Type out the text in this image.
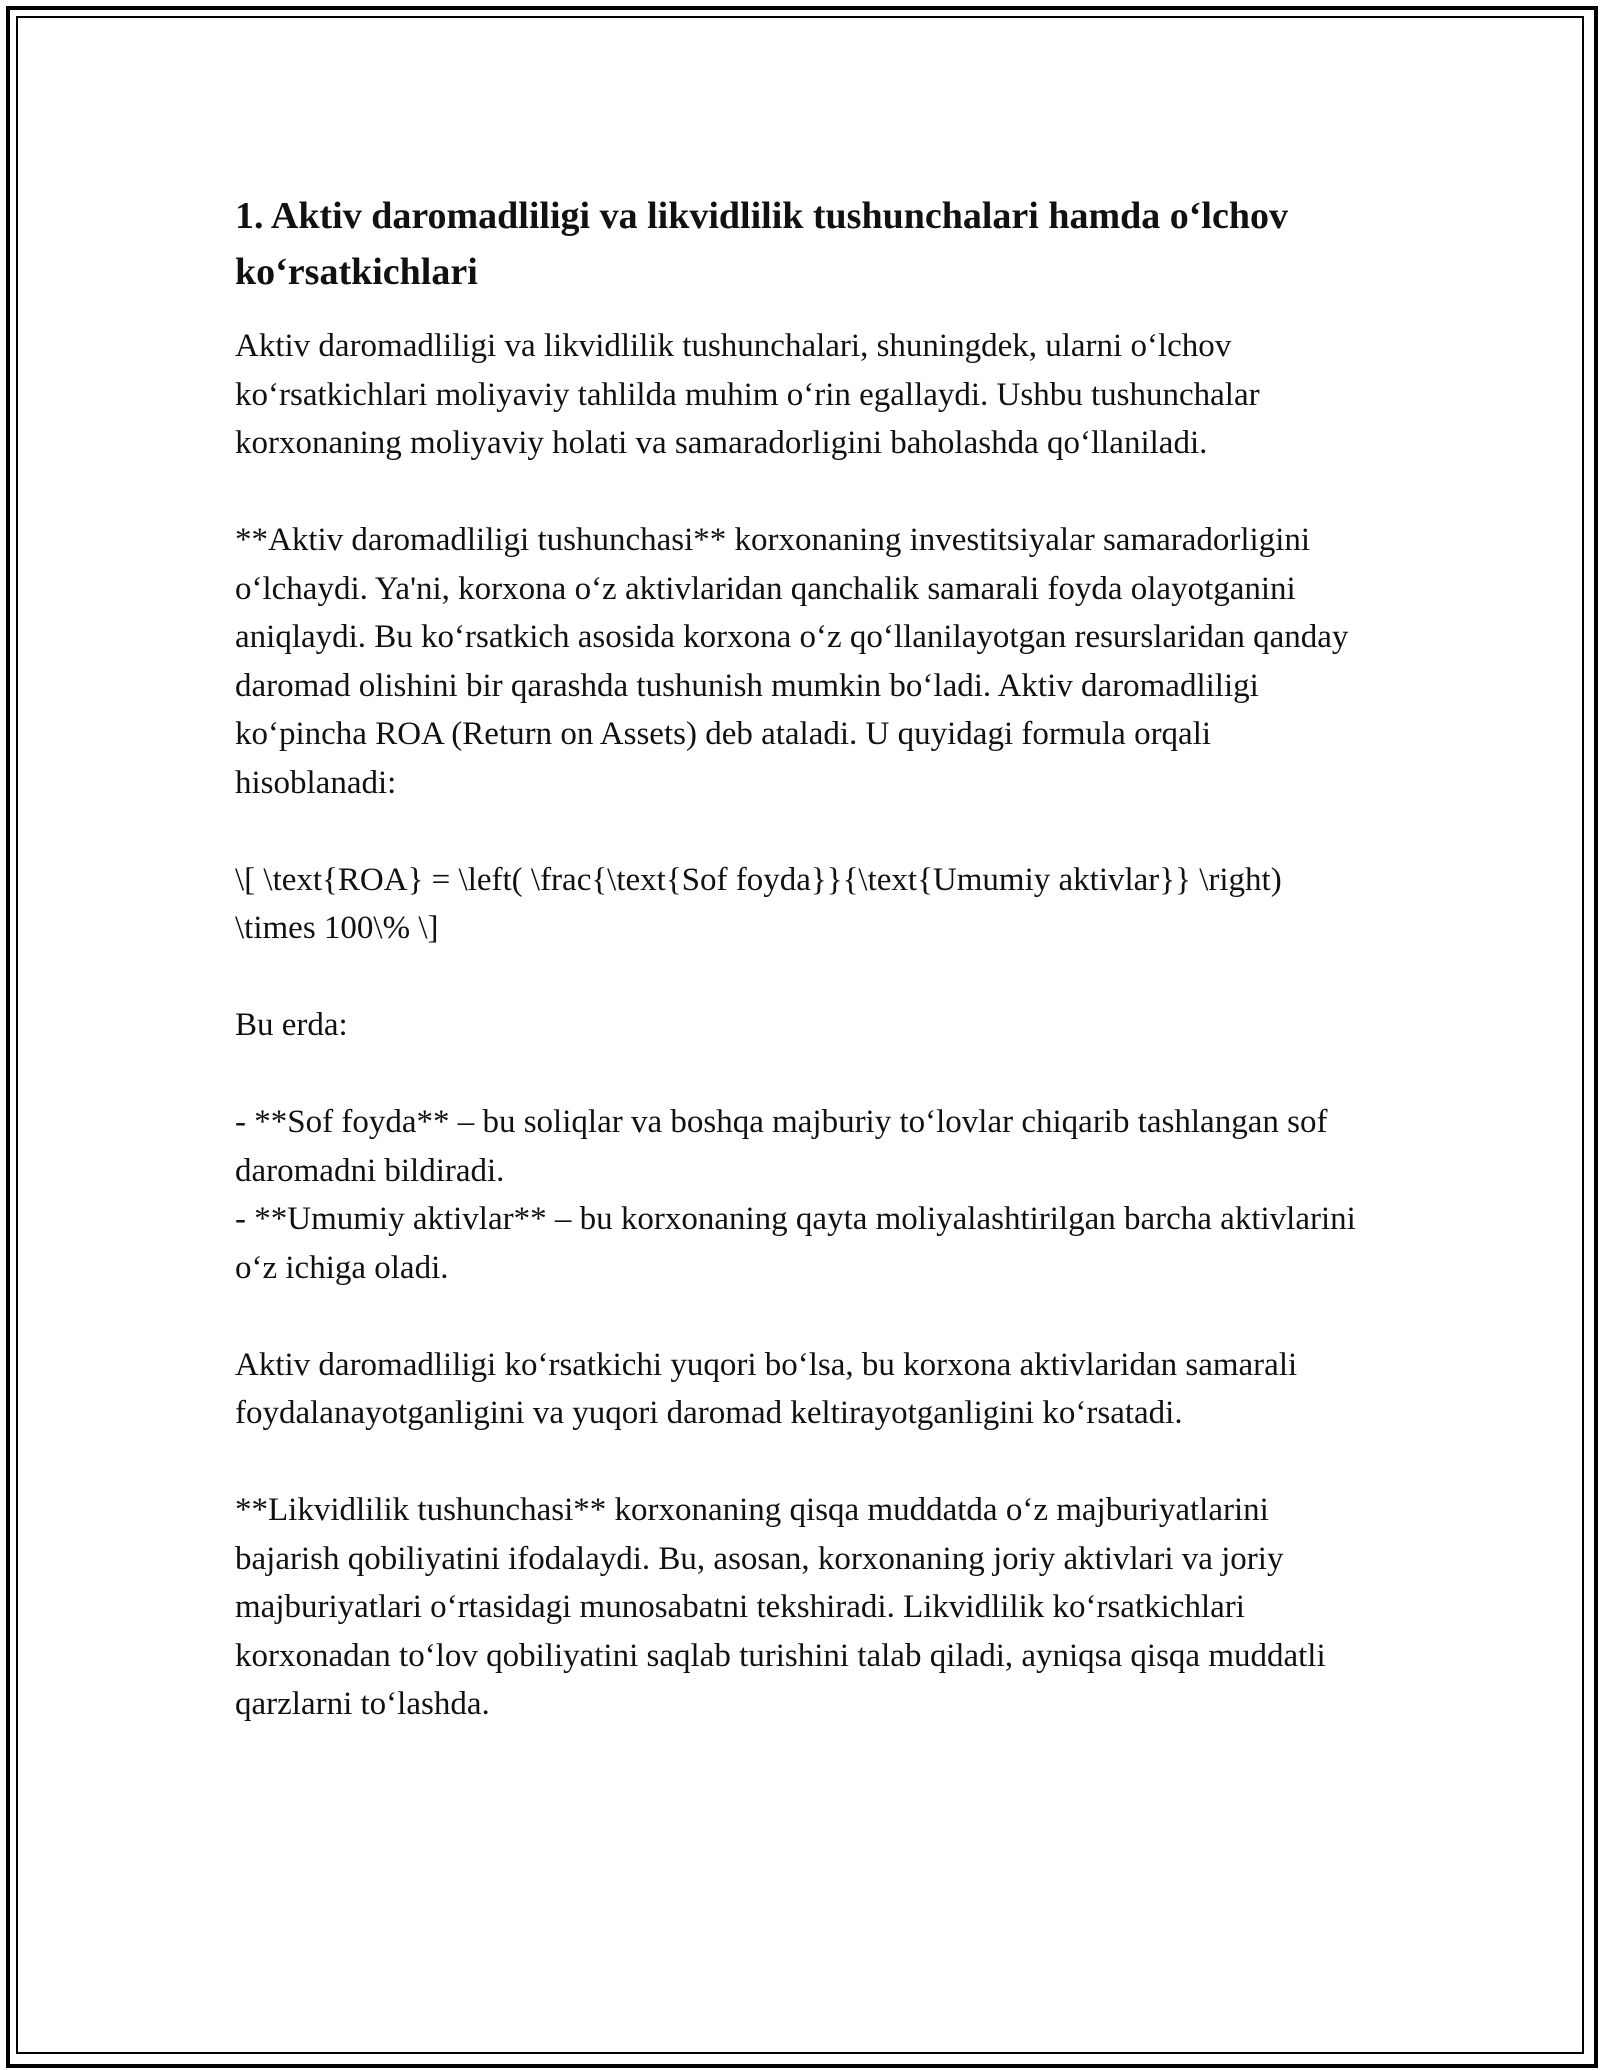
1. Aktiv daromadliligi va likvidlilik tushunchalari hamda o‘lchov ko‘rsatkichlari

Aktiv daromadliligi va likvidlilik tushunchalari, shuningdek, ularni o‘lchov ko‘rsatkichlari moliyaviy tahlilda muhim o‘rin egallaydi. Ushbu tushunchalar korxonaning moliyaviy holati va samaradorligini baholashda qo‘llaniladi.

**Aktiv daromadliligi tushunchasi** korxonaning investitsiyalar samaradorligini o‘lchaydi. Ya'ni, korxona o‘z aktivlaridan qanchalik samarali foyda olayotganini aniqlaydi. Bu ko‘rsatkich asosida korxona o‘z qo‘llanilayotgan resurslaridan qanday daromad olishini bir qarashda tushunish mumkin bo‘ladi. Aktiv daromadliligi ko‘pincha ROA (Return on Assets) deb ataladi. U quyidagi formula orqali hisoblanadi:

\[ \text{ROA} = \left( \frac{\text{Sof foyda}}{\text{Umumiy aktivlar}} \right) \times 100\% \]

Bu erda:

- **Sof foyda** – bu soliqlar va boshqa majburiy to‘lovlar chiqarib tashlangan sof daromadni bildiradi.
- **Umumiy aktivlar** – bu korxonaning qayta moliyalashtirilgan barcha aktivlarini o‘z ichiga oladi.

Aktiv daromadliligi ko‘rsatkichi yuqori bo‘lsa, bu korxona aktivlaridan samarali foydalanayotganligini va yuqori daromad keltirayotganligini ko‘rsatadi.

**Likvidlilik tushunchasi** korxonaning qisqa muddatda o‘z majburiyatlarini bajarish qobiliyatini ifodalaydi. Bu, asosan, korxonaning joriy aktivlari va joriy majburiyatlari o‘rtasidagi munosabatni tekshiradi. Likvidlilik ko‘rsatkichlari korxonadan to‘lov qobiliyatini saqlab turishini talab qiladi, ayniqsa qisqa muddatli qarzlarni to‘lashda.
